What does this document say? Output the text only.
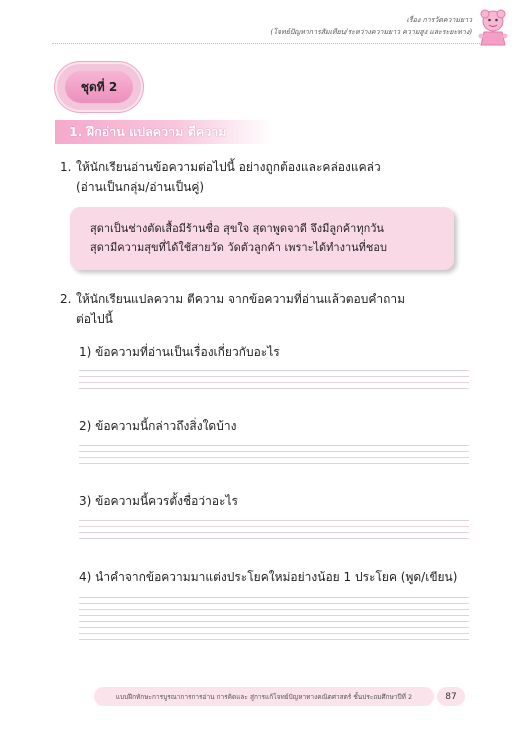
เรื่อง การวัดความยาว
(โจทย์ปัญหาการสัมเทียบ/ระหว่างความยาว ความสูง และระยะทาง)
ชุดที่ 2
1. ฝึกอ่าน แปลความ ตีความ
1. ให้นักเรียนอ่านข้อความต่อไปนี้ อย่างถูกต้องและคล่องแคล่ว
(อ่านเป็นกลุ่ม/อ่านเป็นคู่)

สุดาเป็นช่างตัดเสื้อมีร้านชื่อ สุขใจ สุดาพูดจาดี จึงมีลูกค้าทุกวัน

สุดามีความสุขที่ได้ใช้สายวัด วัดตัวลูกค้า เพราะได้ทำงานที่ชอบ

2. ให้นักเรียนแปลความ ตีความ จากข้อความที่อ่านแล้วตอบคำถาม
ต่อไปนี้
1) ข้อความที่อ่านเป็นเรื่องเกี่ยวกับอะไร
2) ข้อความนี้กล่าวถึงสิ่งใดบ้าง
3) ข้อความนี้ควรตั้งชื่อว่าอะไร
4) นำคำจากข้อความมาแต่งประโยคใหม่อย่างน้อย 1 ประโยค (พูด/เขียน)
แบบฝึกทักษะการบูรณาการการอ่าน การคิดและ สู่การแก้โจทย์ปัญหาทางคณิตศาสตร์ ชั้นประถมศึกษาปีที่ 2	87
